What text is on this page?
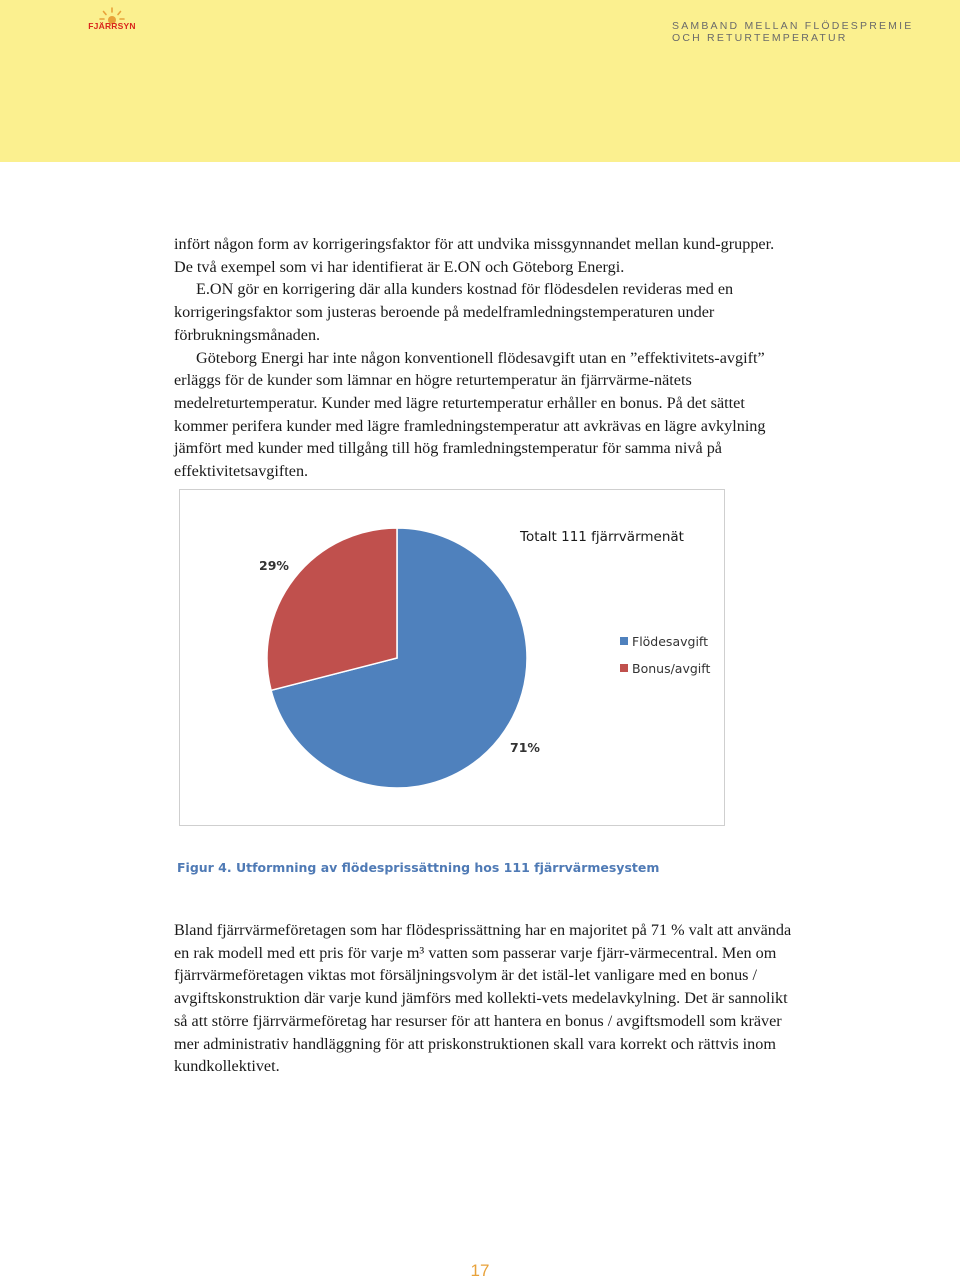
FJÄRRSYN	SAMBAND MELLAN FLÖDESPREMIE OCH RETURTEMPERATUR

infört någon form av korrigeringsfaktor för att undvika missgynnandet mellan kund-grupper. De två exempel som vi har identifierat är E.ON och Göteborg Energi.

E.ON gör en korrigering där alla kunders kostnad för flödesdelen revideras med en korrigeringsfaktor som justeras beroende på medelframledningstemperaturen under förbrukningsmånaden.

Göteborg Energi har inte någon konventionell flödesavgift utan en ”effektivitets-avgift” erläggs för de kunder som lämnar en högre returtemperatur än fjärrvärme-nätets medelreturtemperatur. Kunder med lägre returtemperatur erhåller en bonus. På det sättet kommer perifera kunder med lägre framledningstemperatur att avkrävas en lägre avkylning jämfört med kunder med tillgång till hög framledningstemperatur för samma nivå på effektivitetsavgiften.

Totalt 111 fjärrvärmenät
71%
29%
Flödesavgift
Bonus/avgift
Figur 4. Utformning av flödesprissättning hos 111 fjärrvärmesystem

Bland fjärrvärmeföretagen som har flödesprissättning har en majoritet på 71 % valt att använda en rak modell med ett pris för varje m³ vatten som passerar varje fjärr-värmecentral. Men om fjärrvärmeföretagen viktas mot försäljningsvolym är det istäl-let vanligare med en bonus / avgiftskonstruktion där varje kund jämförs med kollekti-vets medelavkylning. Det är sannolikt så att större fjärrvärmeföretag har resurser för att hantera en bonus / avgiftsmodell som kräver mer administrativ handläggning för att priskonstruktionen skall vara korrekt och rättvis inom kundkollektivet.

17
